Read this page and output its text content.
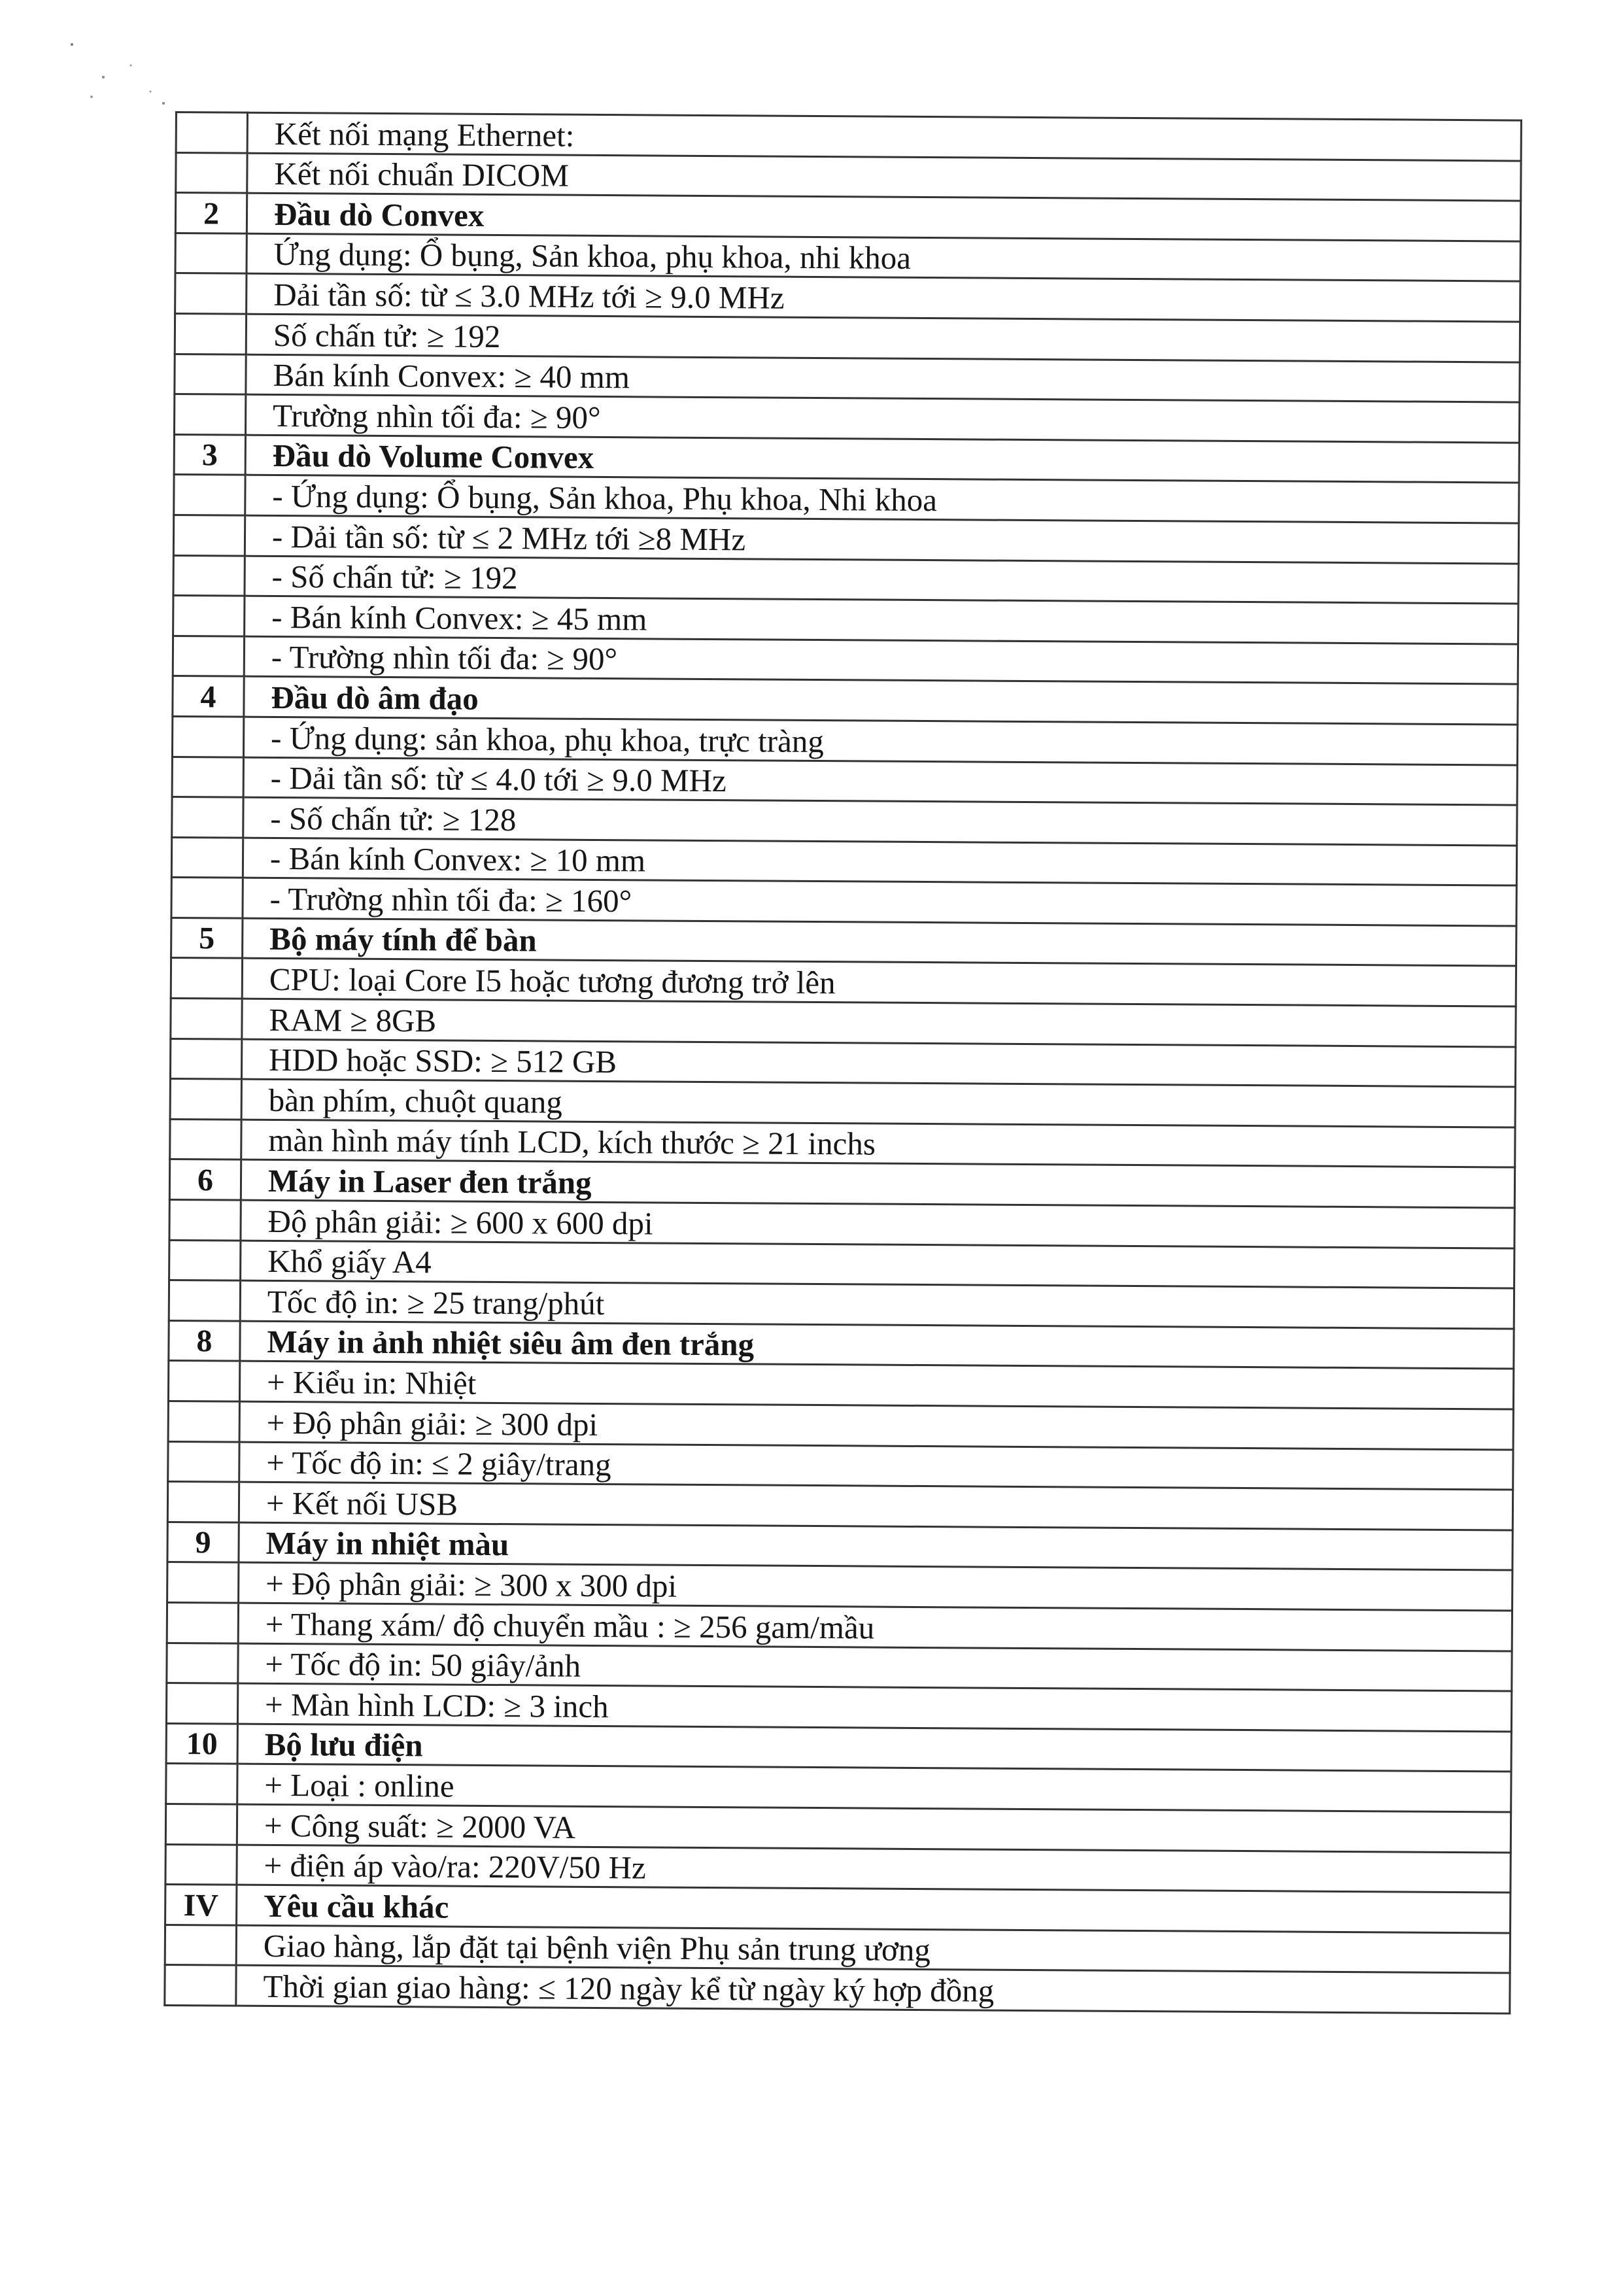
	Kết nối mạng Ethernet:
	Kết nối chuẩn DICOM
2	Đầu dò Convex
	Ứng dụng: Ổ bụng, Sản khoa, phụ khoa, nhi khoa
	Dải tần số: từ ≤ 3.0 MHz tới ≥ 9.0 MHz
	Số chấn tử: ≥ 192
	Bán kính Convex: ≥ 40 mm
	Trường nhìn tối đa: ≥ 90°
3	Đầu dò Volume Convex
	- Ứng dụng: Ổ bụng, Sản khoa, Phụ khoa, Nhi khoa
	- Dải tần số: từ ≤ 2 MHz tới ≥8 MHz
	- Số chấn tử: ≥ 192
	- Bán kính Convex: ≥ 45 mm
	- Trường nhìn tối đa: ≥ 90°
4	Đầu dò âm đạo
	- Ứng dụng: sản khoa, phụ khoa, trực tràng
	- Dải tần số: từ ≤ 4.0 tới ≥ 9.0 MHz
	- Số chấn tử: ≥ 128
	- Bán kính Convex: ≥ 10 mm
	- Trường nhìn tối đa: ≥ 160°
5	Bộ máy tính để bàn
	CPU: loại Core I5 hoặc tương đương trở lên
	RAM ≥ 8GB
	HDD hoặc SSD: ≥ 512 GB
	bàn phím, chuột quang
	màn hình máy tính LCD, kích thước ≥ 21 inchs
6	Máy in Laser đen trắng
	Độ phân giải: ≥ 600 x 600 dpi
	Khổ giấy A4
	Tốc độ in: ≥ 25 trang/phút
8	Máy in ảnh nhiệt siêu âm đen trắng
	+ Kiểu in: Nhiệt
	+ Độ phân giải: ≥ 300 dpi
	+ Tốc độ in: ≤ 2 giây/trang
	+ Kết nối USB
9	Máy in nhiệt màu
	+ Độ phân giải: ≥ 300 x 300 dpi
	+ Thang xám/ độ chuyển mầu : ≥ 256 gam/mầu
	+ Tốc độ in: 50 giây/ảnh
	+ Màn hình LCD: ≥ 3 inch
10	Bộ lưu điện
	+ Loại : online
	+ Công suất: ≥ 2000 VA
	+ điện áp vào/ra: 220V/50 Hz
IV	Yêu cầu khác
	Giao hàng, lắp đặt tại bệnh viện Phụ sản trung ương
	Thời gian giao hàng: ≤ 120 ngày kể từ ngày ký hợp đồng
